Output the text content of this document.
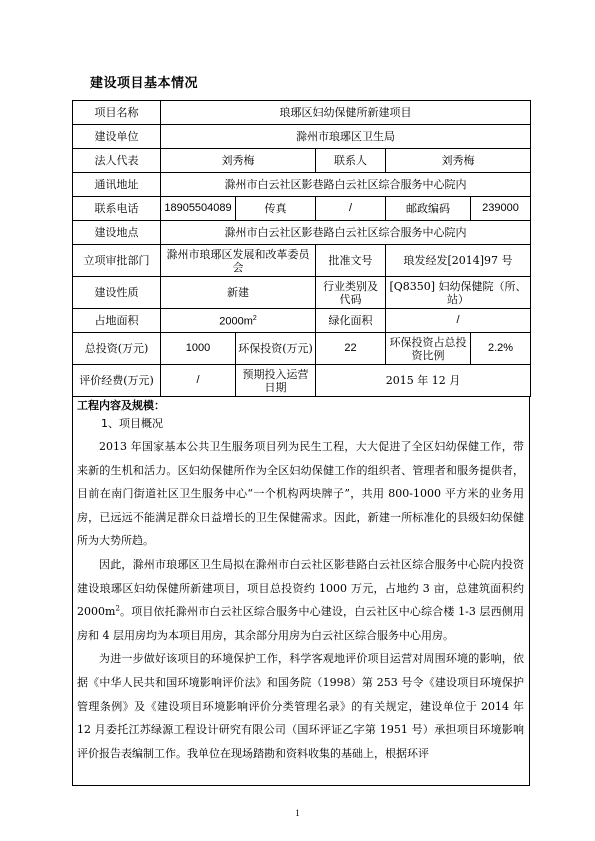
建设项目基本情况
项目名称	琅琊区妇幼保健所新建项目				
建设单位	滁州市琅琊区卫生局				
法人代表	刘秀梅		联系人	刘秀梅	
通讯地址	滁州市白云社区影巷路白云社区综合服务中心院内				
联系电话	18905504089	传真	/	邮政编码	239000
建设地点	滁州市白云社区影巷路白云社区综合服务中心院内				
立项审批部门	滁州市琅琊区发展和改革委员会		批准文号	琅发经发[2014]97 号	
建设性质	新建		行业类别及代码	[Q8350] 妇幼保健院（所、站）	
占地面积	$2000m^2$		绿化面积	/	
总投资(万元)	1000	环保投资(万元)	22	环保投资占总投资比例	2.2%
评价经费(万元)	/	预期投入运营日期	2015 年 12 月		
工程内容及规模：
1、项目概况

2013 年国家基本公共卫生服务项目列为民生工程，大大促进了全区妇幼保健工作，带来新的生机和活力。区妇幼保健所作为全区妇幼保健工作的组织者、管理者和服务提供者，目前在南门街道社区卫生服务中心“一个机构两块牌子”，共用 800-1000 平方米的业务用房，已远远不能满足群众日益增长的卫生保健需求。因此，新建一所标准化的县级妇幼保健所为大势所趋。

因此，滁州市琅琊区卫生局拟在滁州市白云社区影巷路白云社区综合服务中心院内投资建设琅琊区妇幼保健所新建项目，项目总投资约 1000 万元，占地约 3 亩，总建筑面积约 $2000m^2$。项目依托滁州市白云社区综合服务中心建设，白云社区中心综合楼 1-3 层西侧用房和 4 层用房均为本项目用房，其余部分用房为白云社区综合服务中心用房。

为进一步做好该项目的环境保护工作，科学客观地评价项目运营对周围环境的影响，依据《中华人民共和国环境影响评价法》和国务院（1998）第 253 号令《建设项目环境保护管理条例》及《建设项目环境影响评价分类管理名录》的有关规定，建设单位于 2014 年 12 月委托江苏绿源工程设计研究有限公司（国环评证乙字第 1951 号）承担项目环境影响评价报告表编制工作。我单位在现场踏勘和资料收集的基础上，根据环评

1
